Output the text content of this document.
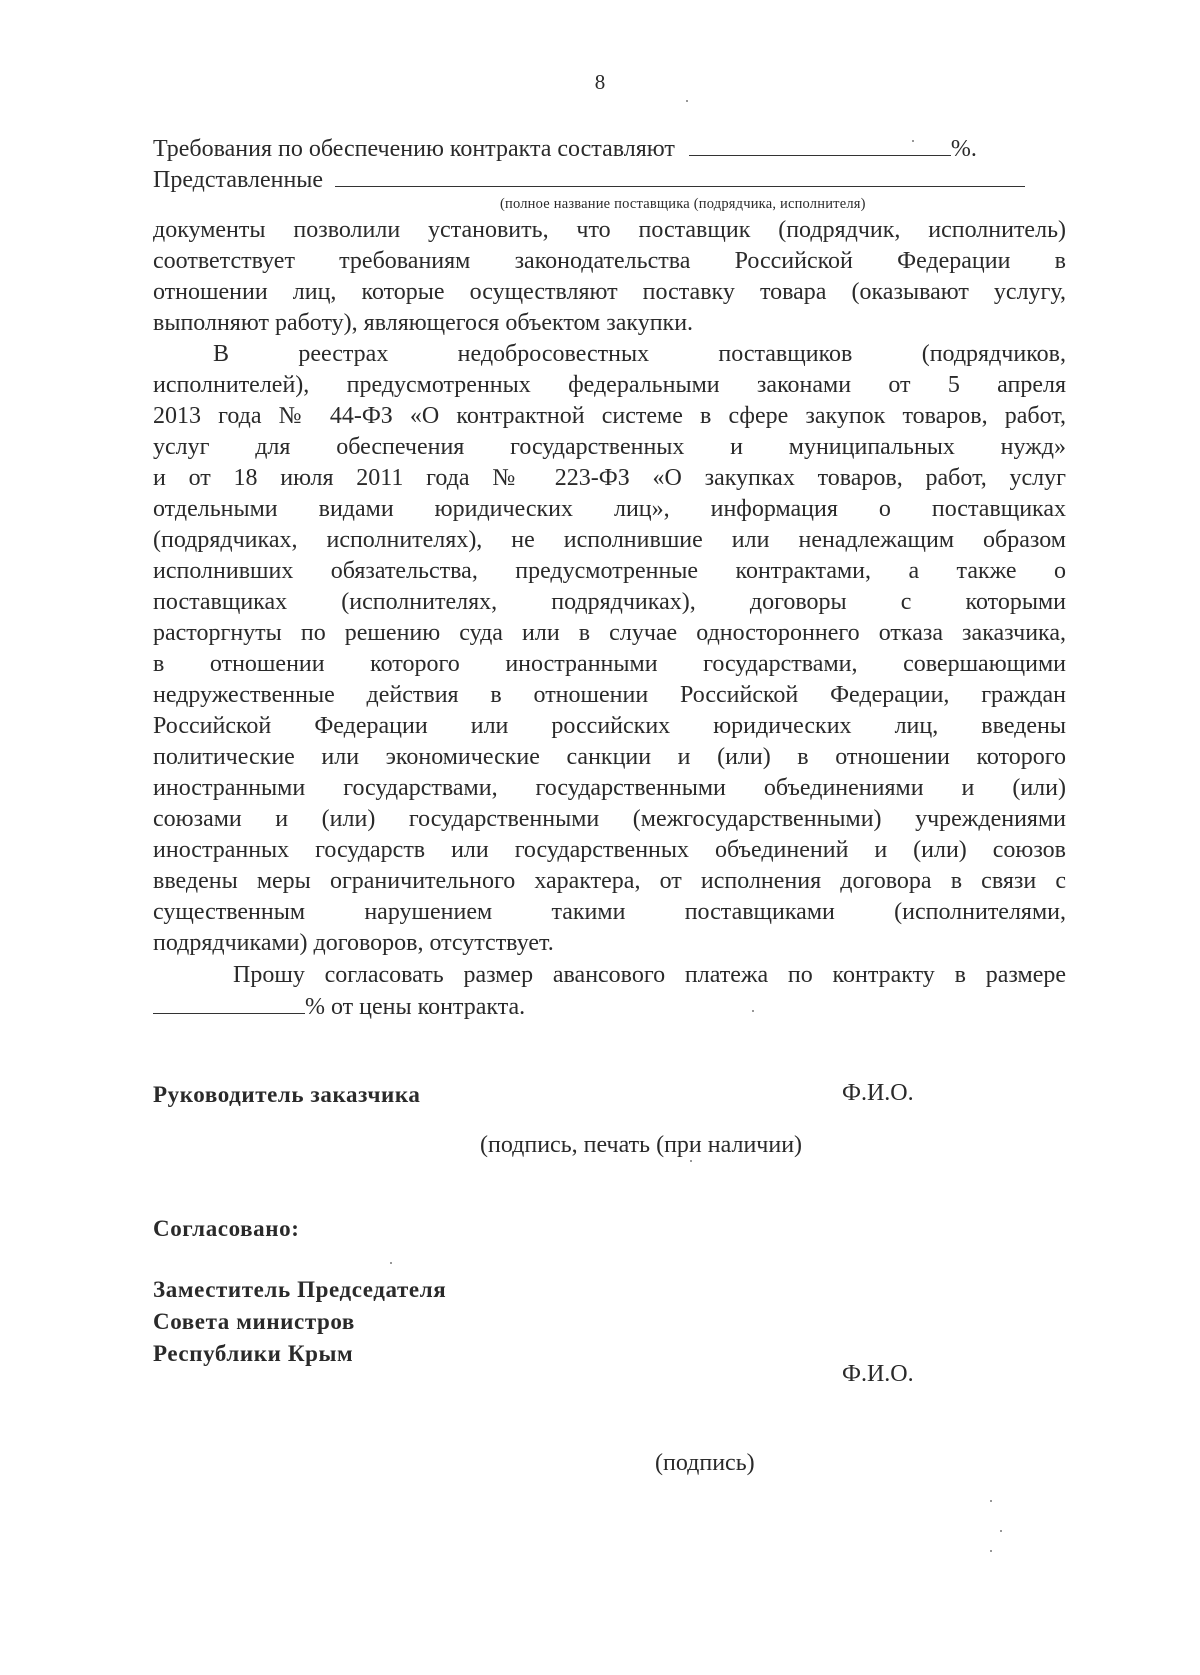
8
Требования по обеспечению контракта составляют	%.
Представленные
(полное название поставщика (подрядчика, исполнителя)
документы позволили установить, что поставщик (подрядчик, исполнитель)
соответствует требованиям законодательства Российской Федерации в
отношении лиц, которые осуществляют поставку товара (оказывают услугу,
выполняют работу), являющегося объектом закупки.
В реестрах недобросовестных поставщиков (подрядчиков,
исполнителей), предусмотренных федеральными законами от 5 апреля
2013 года № 44-ФЗ «О контрактной системе в сфере закупок товаров, работ,
услуг для обеспечения государственных и муниципальных нужд»
и от 18 июля 2011 года № 223-ФЗ «О закупках товаров, работ, услуг
отдельными видами юридических лиц», информация о поставщиках
(подрядчиках, исполнителях), не исполнившие или ненадлежащим образом
исполнивших обязательства, предусмотренные контрактами, а также о
поставщиках (исполнителях, подрядчиках), договоры с которыми
расторгнуты по решению суда или в случае одностороннего отказа заказчика,
в отношении которого иностранными государствами, совершающими
недружественные действия в отношении Российской Федерации, граждан
Российской Федерации или российских юридических лиц, введены
политические или экономические санкции и (или) в отношении которого
иностранными государствами, государственными объединениями и (или)
союзами и (или) государственными (межгосударственными) учреждениями
иностранных государств или государственных объединений и (или) союзов
введены меры ограничительного характера, от исполнения договора в связи с
существенным нарушением такими поставщиками (исполнителями,
подрядчиками) договоров, отсутствует.
Прошу согласовать размер авансового платежа по контракту в размере
% от цены контракта.
Руководитель заказчика	Ф.И.О.
(подпись, печать (при наличии)
Согласовано:
Заместитель Председателя
Совета министров
Республики Крым
Ф.И.О.
(подпись)
